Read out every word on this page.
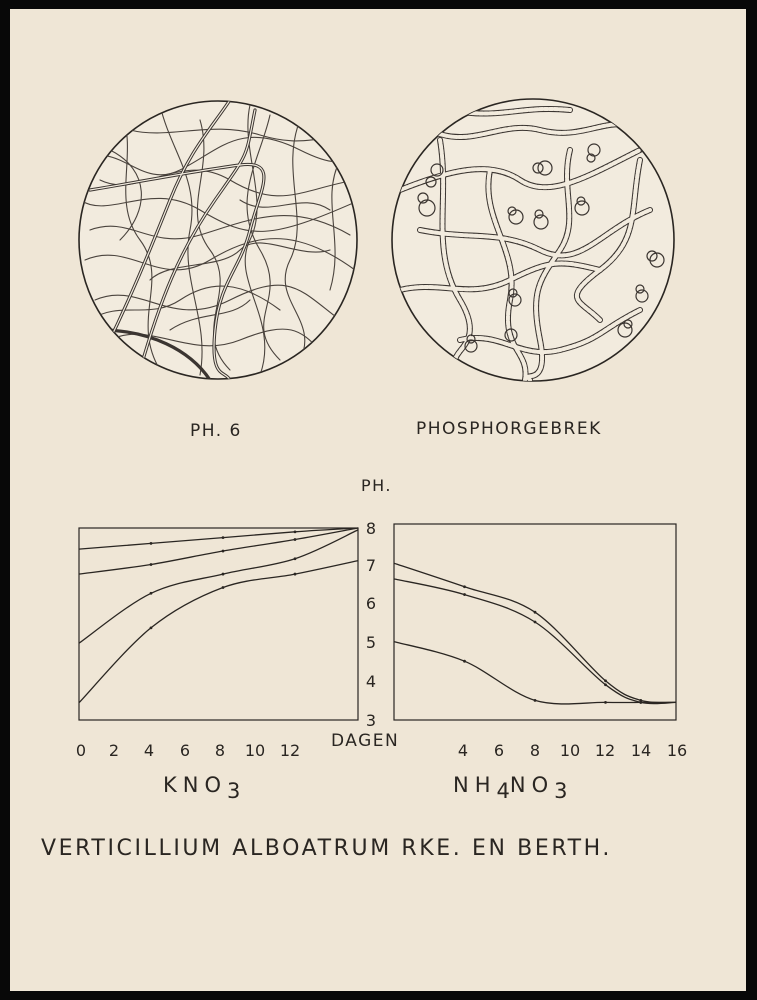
3
4
5
6
7
8
0 2 4 6 8 10 12	4 6 8 10 12 14 16
PH. 6	PHOSPHORGEBREK
PH.
DAGEN
$KNO_3$	$NH_4NO_3$
VERTICILLIUM ALBOATRUM RKE. EN BERTH.
